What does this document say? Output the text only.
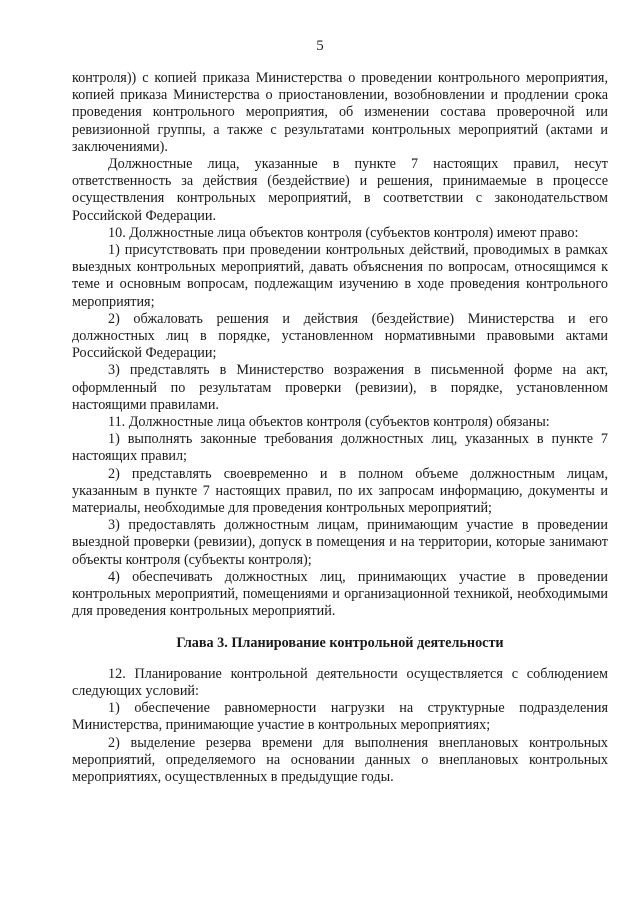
5

контроля)) с копией приказа Министерства о проведении контрольного мероприятия, копией приказа Министерства о приостановлении, возобновлении и продлении срока проведения контрольного мероприятия, об изменении состава проверочной или ревизионной группы, а также с результатами контрольных мероприятий (актами и заключениями).

Должностные лица, указанные в пункте 7 настоящих правил, несут ответственность за действия (бездействие) и решения, принимаемые в процессе осуществления контрольных мероприятий, в соответствии с законодательством Российской Федерации.

10. Должностные лица объектов контроля (субъектов контроля) имеют право:

1) присутствовать при проведении контрольных действий, проводимых в рамках выездных контрольных мероприятий, давать объяснения по вопросам, относящимся к теме и основным вопросам, подлежащим изучению в ходе проведения контрольного мероприятия;

2) обжаловать решения и действия (бездействие) Министерства и его должностных лиц в порядке, установленном нормативными правовыми актами Российской Федерации;

3) представлять в Министерство возражения в письменной форме на акт, оформленный по результатам проверки (ревизии), в порядке, установленном настоящими правилами.

11. Должностные лица объектов контроля (субъектов контроля) обязаны:

1) выполнять законные требования должностных лиц, указанных в пункте 7 настоящих правил;

2) представлять своевременно и в полном объеме должностным лицам, указанным в пункте 7 настоящих правил, по их запросам информацию, документы и материалы, необходимые для проведения контрольных мероприятий;

3) предоставлять должностным лицам, принимающим участие в проведении выездной проверки (ревизии), допуск в помещения и на территории, которые занимают объекты контроля (субъекты контроля);

4) обеспечивать должностных лиц, принимающих участие в проведении контрольных мероприятий, помещениями и организационной техникой, необходимыми для проведения контрольных мероприятий.

Глава 3. Планирование контрольной деятельности

12. Планирование контрольной деятельности осуществляется с соблюдением следующих условий:

1) обеспечение равномерности нагрузки на структурные подразделения Министерства, принимающие участие в контрольных мероприятиях;

2) выделение резерва времени для выполнения внеплановых контрольных мероприятий, определяемого на основании данных о внеплановых контрольных мероприятиях, осуществленных в предыдущие годы.
